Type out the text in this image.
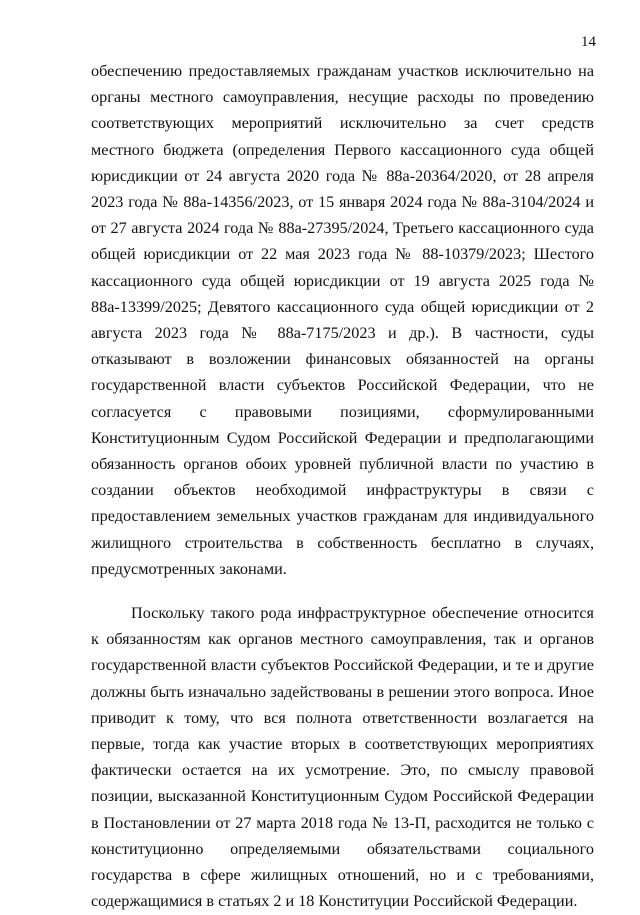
14

обеспечению предоставляемых гражданам участков исключительно на органы местного самоуправления, несущие расходы по проведению соответствующих мероприятий исключительно за счет средств местного бюджета (определения Первого кассационного суда общей юрисдикции от 24 августа 2020 года № 88а-20364/2020, от 28 апреля 2023 года № 88а-14356/2023, от 15 января 2024 года № 88а-3104/2024 и от 27 августа 2024 года № 88а-27395/2024, Третьего кассационного суда общей юрисдикции от 22 мая 2023 года № 88-10379/2023; Шестого кассационного суда общей юрисдикции от 19 августа 2025 года № 88а-13399/2025; Девятого кассационного суда общей юрисдикции от 2 августа 2023 года № 88а-7175/2023 и др.). В частности, суды отказывают в возложении финансовых обязанностей на органы государственной власти субъектов Российской Федерации, что не согласуется с правовыми позициями, сформулированными Конституционным Судом Российской Федерации и предполагающими обязанность органов обоих уровней публичной власти по участию в создании объектов необходимой инфраструктуры в связи с предоставлением земельных участков гражданам для индивидуального жилищного строительства в собственность бесплатно в случаях, предусмотренных законами.

Поскольку такого рода инфраструктурное обеспечение относится к обязанностям как органов местного самоуправления, так и органов государственной власти субъектов Российской Федерации, и те и другие должны быть изначально задействованы в решении этого вопроса. Иное приводит к тому, что вся полнота ответственности возлагается на первые, тогда как участие вторых в соответствующих мероприятиях фактически остается на их усмотрение. Это, по смыслу правовой позиции, высказанной Конституционным Судом Российской Федерации в Постановлении от 27 марта 2018 года № 13-П, расходится не только с конституционно определяемыми обязательствами социального государства в сфере жилищных отношений, но и с требованиями, содержащимися в статьях 2 и 18 Конституции Российской Федерации.
